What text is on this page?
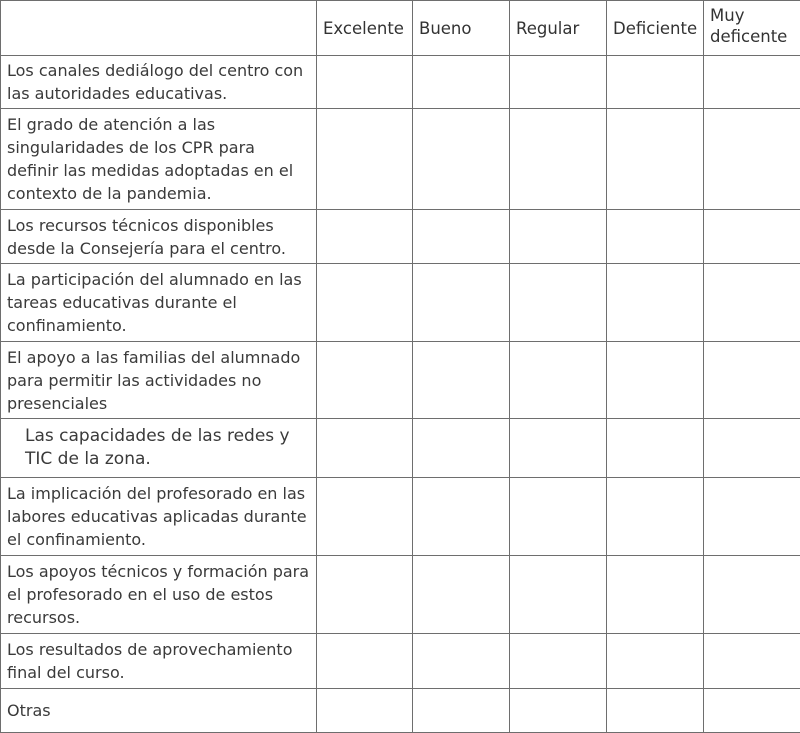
	Excelente	Bueno	Regular	Deficiente	Muy deficente
Los canales dediálogo del centro con las autoridades educativas.					
El grado de atención a las singularidades de los CPR para definir las medidas adoptadas en el contexto de la pandemia.					
Los recursos técnicos disponibles desde la Consejería para el centro.					
La participación del alumnado en las tareas educativas durante el confinamiento.					
El apoyo a las familias del alumnado para permitir las actividades no presenciales					
Las capacidades de las redes y TIC de la zona.					
La implicación del profesorado en las labores educativas aplicadas durante el confinamiento.					
Los apoyos técnicos y formación para el profesorado en el uso de estos recursos.					
Los resultados de aprovechamiento final del curso.					
Otras					
